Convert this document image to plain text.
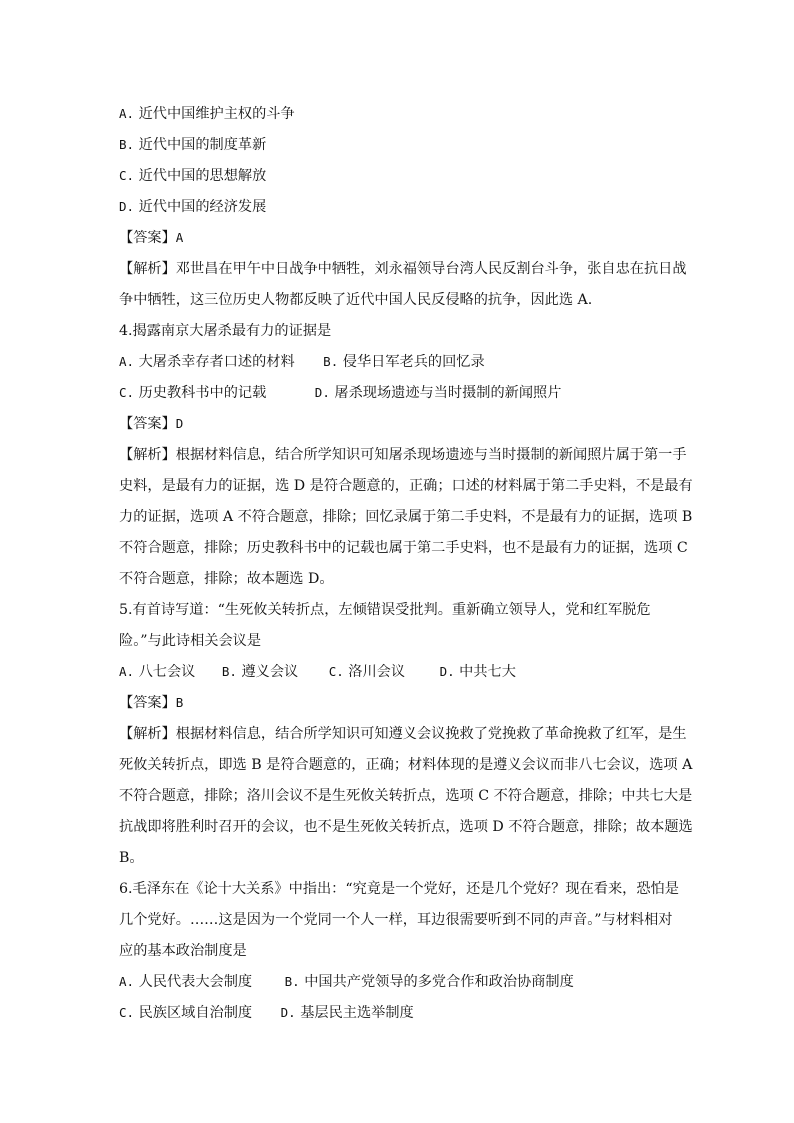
A. 近代中国维护主权的斗争
B. 近代中国的制度革新
C. 近代中国的思想解放
D. 近代中国的经济发展
【答案】A
【解析】邓世昌在甲午中日战争中牺牲，刘永福领导台湾人民反割台斗争，张自忠在抗日战
争中牺牲，这三位历史人物都反映了近代中国人民反侵略的抗争，因此选 A.
4.揭露南京大屠杀最有力的证据是
A. 大屠杀幸存者口述的材料 B. 侵华日军老兵的回忆录
C. 历史教科书中的记载	D. 屠杀现场遗迹与当时摄制的新闻照片
【答案】D
【解析】根据材料信息，结合所学知识可知屠杀现场遗迹与当时摄制的新闻照片属于第一手
史料，是最有力的证据，选 D 是符合题意的，正确；口述的材料属于第二手史料，不是最有
力的证据，选项 A 不符合题意，排除；回忆录属于第二手史料，不是最有力的证据，选项 B
不符合题意，排除；历史教科书中的记载也属于第二手史料，也不是最有力的证据，选项 C
不符合题意，排除；故本题选 D。
5.有首诗写道：“生死攸关转折点，左倾错误受批判。重新确立领导人，党和红军脱危
险。”与此诗相关会议是
A. 八七会议 B. 遵义会议 C. 洛川会议	D. 中共七大
【答案】B
【解析】根据材料信息，结合所学知识可知遵义会议挽救了党挽救了革命挽救了红军，是生
死攸关转折点，即选 B 是符合题意的，正确；材料体现的是遵义会议而非八七会议，选项 A
不符合题意，排除；洛川会议不是生死攸关转折点，选项 C 不符合题意，排除；中共七大是
抗战即将胜利时召开的会议，也不是生死攸关转折点，选项 D 不符合题意，排除；故本题选
B。
6.毛泽东在《论十大关系》中指出：“究竟是一个党好，还是几个党好？现在看来，恐怕是
几个党好。……这是因为一个党同一个人一样，耳边很需要听到不同的声音。”与材料相对
应的基本政治制度是
A. 人民代表大会制度	B. 中国共产党领导的多党合作和政治协商制度
C. 民族区域自治制度 D. 基层民主选举制度
